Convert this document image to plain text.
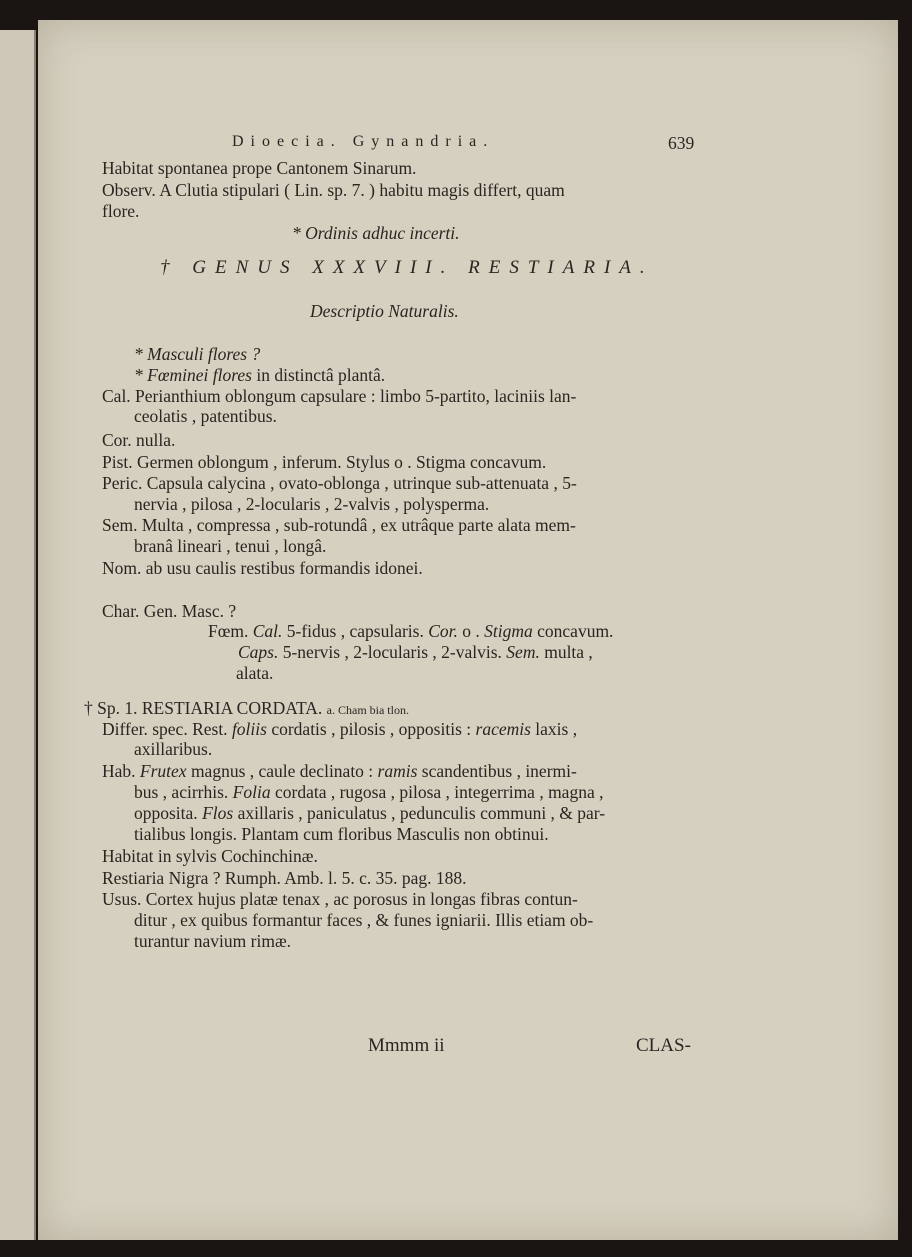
Dioecia. Gynandria.	639
Habitat spontanea prope Cantonem Sinarum.
Observ. A Clutia stipulari ( Lin. sp. 7. ) habitu magis differt, quam
flore.
* Ordinis adhuc incerti.
† GENUS XXXVIII. RESTIARIA.
Descriptio Naturalis.
* Masculi flores ?
* Fœminei flores in distinctâ plantâ.
Cal. Perianthium oblongum capsulare : limbo 5-partito, laciniis lan-
ceolatis , patentibus.
Cor. nulla.
Pist. Germen oblongum , inferum. Stylus o . Stigma concavum.
Peric. Capsula calycina , ovato-oblonga , utrinque sub-attenuata , 5-
nervia , pilosa , 2-locularis , 2-valvis , polysperma.
Sem. Multa , compressa , sub-rotundâ , ex utrâque parte alata mem-
branâ lineari , tenui , longâ.
Nom. ab usu caulis restibus formandis idonei.
Char. Gen. Masc. ?
Fœm. Cal. 5-fidus , capsularis. Cor. o . Stigma concavum.
Caps. 5-nervis , 2-locularis , 2-valvis. Sem. multa ,
alata.
† Sp. 1. RESTIARIA CORDATA. a. Cham bia tlon.
Differ. spec. Rest. foliis cordatis , pilosis , oppositis : racemis laxis ,
axillaribus.
Hab. Frutex magnus , caule declinato : ramis scandentibus , inermi-
bus , acirrhis. Folia cordata , rugosa , pilosa , integerrima , magna ,
opposita. Flos axillaris , paniculatus , pedunculis communi , & par-
tialibus longis. Plantam cum floribus Masculis non obtinui.
Habitat in sylvis Cochinchinæ.
Restiaria Nigra ? Rumph. Amb. l. 5. c. 35. pag. 188.
Usus. Cortex hujus platæ tenax , ac porosus in longas fibras contun-
ditur , ex quibus formantur faces , & funes igniarii. Illis etiam ob-
turantur navium rimæ.
Mmmm ii	CLAS-
